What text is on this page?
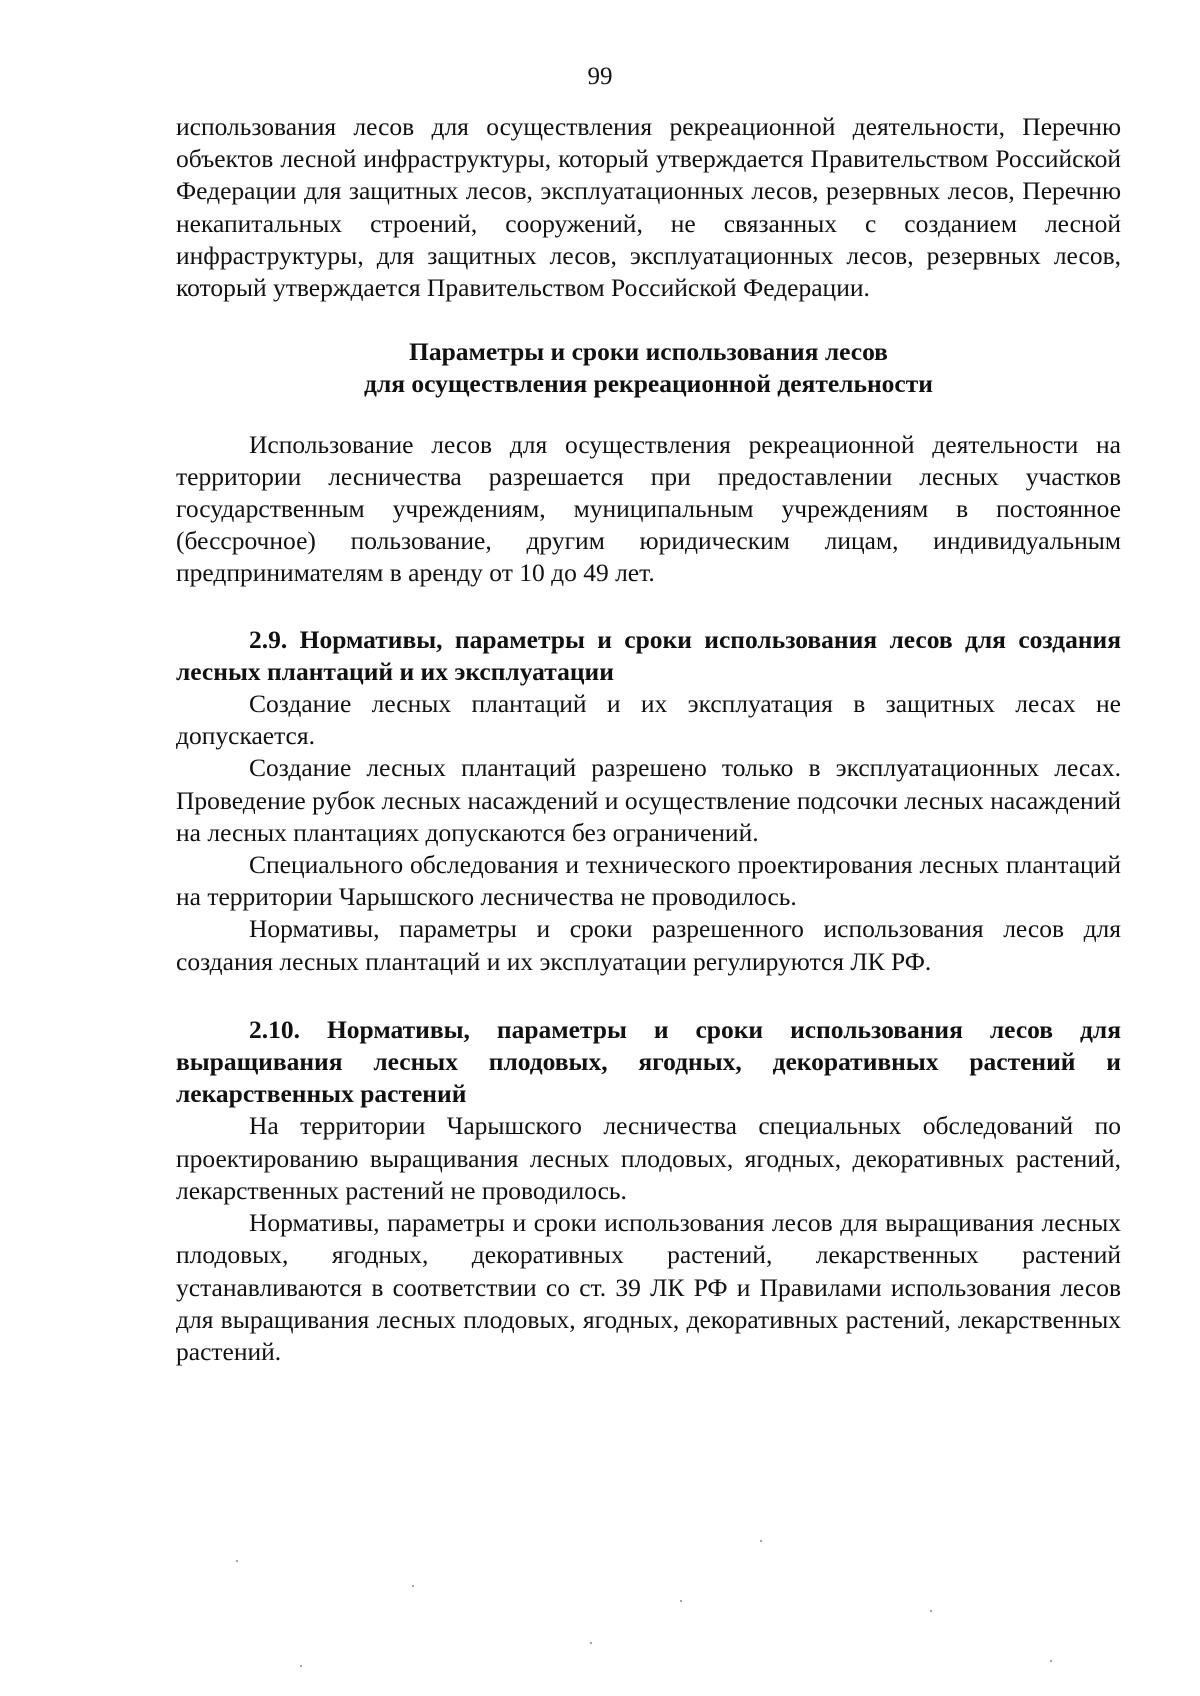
99

использования лесов для осуществления рекреационной деятельности, Перечню объектов лесной инфраструктуры, который утверждается Правительством Российской Федерации для защитных лесов, эксплуатационных лесов, резервных лесов, Перечню некапитальных строений, сооружений, не связанных с созданием лесной инфраструктуры, для защитных лесов, эксплуатационных лесов, резервных лесов, который утверждается Правительством Российской Федерации.

Параметры и сроки использования лесов

для осуществления рекреационной деятельности

Использование лесов для осуществления рекреационной деятельности на территории лесничества разрешается при предоставлении лесных участков государственным учреждениям, муниципальным учреждениям в постоянное (бессрочное) пользование, другим юридическим лицам, индивидуальным предпринимателям в аренду от 10 до 49 лет.

2.9. Нормативы, параметры и сроки использования лесов для создания лесных плантаций и их эксплуатации

Создание лесных плантаций и их эксплуатация в защитных лесах не допускается.

Создание лесных плантаций разрешено только в эксплуатационных лесах. Проведение рубок лесных насаждений и осуществление подсочки лесных насаждений на лесных плантациях допускаются без ограничений.

Специального обследования и технического проектирования лесных плантаций на территории Чарышского лесничества не проводилось.

Нормативы, параметры и сроки разрешенного использования лесов для создания лесных плантаций и их эксплуатации регулируются ЛК РФ.

2.10. Нормативы, параметры и сроки использования лесов для выращивания лесных плодовых, ягодных, декоративных растений и лекарственных растений

На территории Чарышского лесничества специальных обследований по проектированию выращивания лесных плодовых, ягодных, декоративных растений, лекарственных растений не проводилось.

Нормативы, параметры и сроки использования лесов для выращивания лесных плодовых, ягодных, декоративных растений, лекарственных растений устанавливаются в соответствии со ст. 39 ЛК РФ и Правилами использования лесов для выращивания лесных плодовых, ягодных, декоративных растений, лекарственных растений.
